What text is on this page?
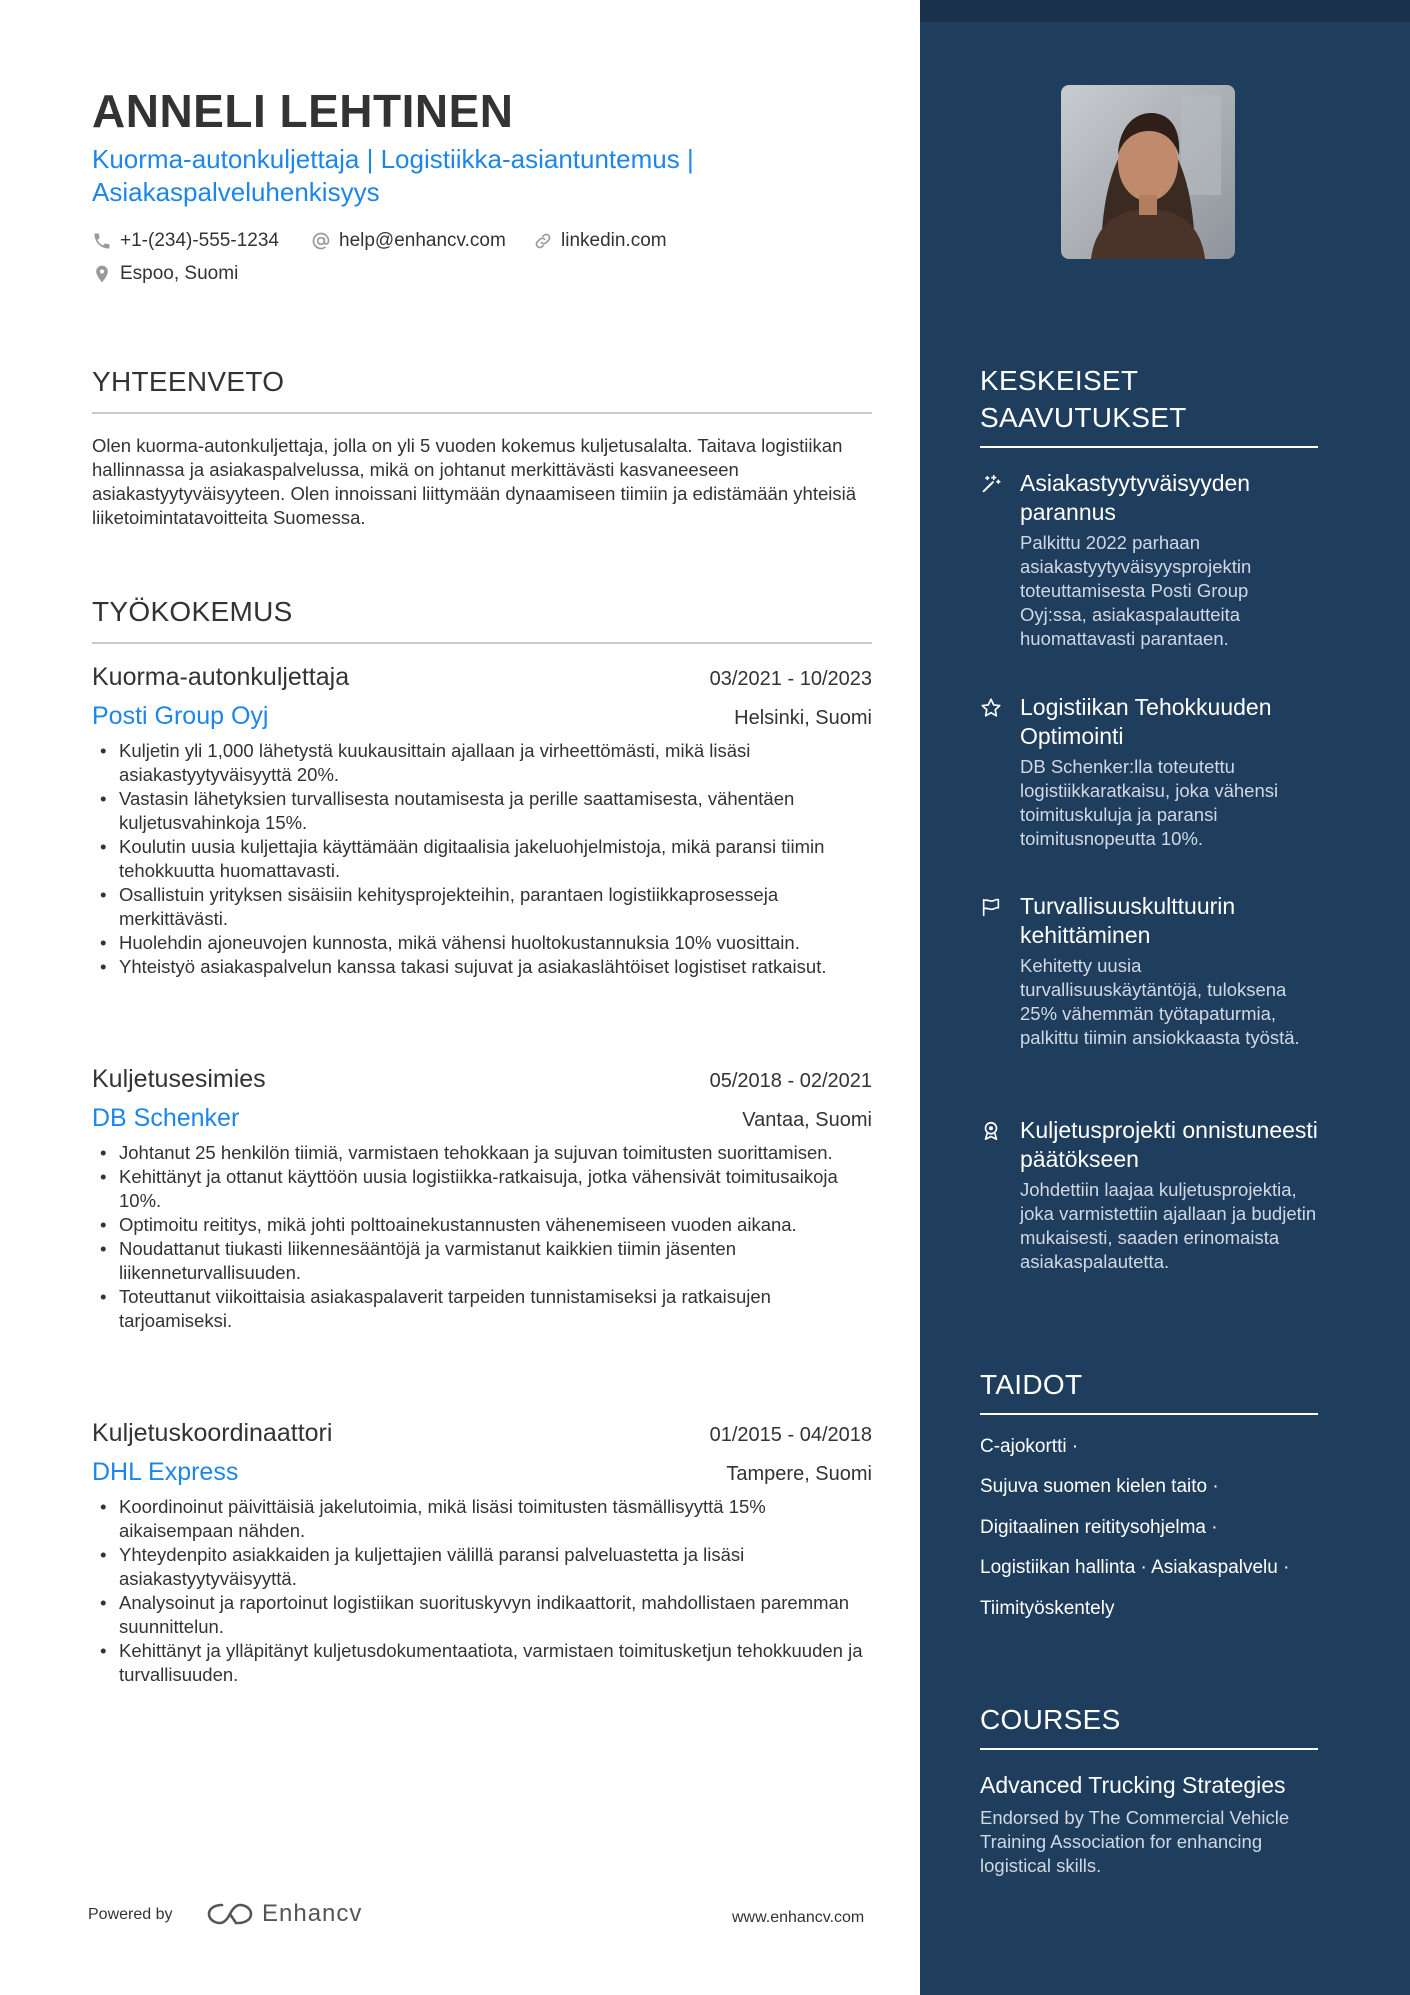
ANNELI LEHTINEN
Kuorma-autonkuljettaja | Logistiikka-asiantuntemus | Asiakaspalveluhenkisyys
+1-(234)-555-1234	help@enhancv.com	linkedin.com
Espoo, Suomi
YHTEENVETO
Olen kuorma-autonkuljettaja, jolla on yli 5 vuoden kokemus kuljetusalalta. Taitava logistiikan hallinnassa ja asiakaspalvelussa, mikä on johtanut merkittävästi kasvaneeseen asiakastyytyväisyyteen. Olen innoissani liittymään dynaamiseen tiimiin ja edistämään yhteisiä liiketoimintatavoitteita Suomessa.
TYÖKOKEMUS
Kuorma-autonkuljettaja	03/2021 - 10/2023
Posti Group Oyj	Helsinki, Suomi
• Kuljetin yli 1,000 lähetystä kuukausittain ajallaan ja virheettömästi, mikä lisäsi asiakastyytyväisyyttä 20%.
• Vastasin lähetyksien turvallisesta noutamisesta ja perille saattamisesta, vähentäen kuljetusvahinkoja 15%.
• Koulutin uusia kuljettajia käyttämään digitaalisia jakeluohjelmistoja, mikä paransi tiimin tehokkuutta huomattavasti.
• Osallistuin yrityksen sisäisiin kehitysprojekteihin, parantaen logistiikkaprosesseja merkittävästi.
• Huolehdin ajoneuvojen kunnosta, mikä vähensi huoltokustannuksia 10% vuosittain.
• Yhteistyö asiakaspalvelun kanssa takasi sujuvat ja asiakaslähtöiset logistiset ratkaisut.
Kuljetusesimies	05/2018 - 02/2021
DB Schenker	Vantaa, Suomi
• Johtanut 25 henkilön tiimiä, varmistaen tehokkaan ja sujuvan toimitusten suorittamisen.
• Kehittänyt ja ottanut käyttöön uusia logistiikka-ratkaisuja, jotka vähensivät toimitusaikoja 10%.
• Optimoitu reititys, mikä johti polttoainekustannusten vähenemiseen vuoden aikana.
• Noudattanut tiukasti liikennesääntöjä ja varmistanut kaikkien tiimin jäsenten liikenneturvallisuuden.
• Toteuttanut viikoittaisia asiakaspalaverit tarpeiden tunnistamiseksi ja ratkaisujen tarjoamiseksi.
Kuljetuskoordinaattori	01/2015 - 04/2018
DHL Express	Tampere, Suomi
• Koordinoinut päivittäisiä jakelutoimia, mikä lisäsi toimitusten täsmällisyyttä 15% aikaisempaan nähden.
• Yhteydenpito asiakkaiden ja kuljettajien välillä paransi palveluastetta ja lisäsi asiakastyytyväisyyttä.
• Analysoinut ja raportoinut logistiikan suorituskyvyn indikaattorit, mahdollistaen paremman suunnittelun.
• Kehittänyt ja ylläpitänyt kuljetusdokumentaatiota, varmistaen toimitusketjun tehokkuuden ja turvallisuuden.
Powered by	Enhancv	www.enhancv.com
KESKEISET SAAVUTUKSET
Asiakastyytyväisyyden parannus
Palkittu 2022 parhaan asiakastyytyväisyysprojektin toteuttamisesta Posti Group Oyj:ssa, asiakaspalautteita huomattavasti parantaen.
Logistiikan Tehokkuuden Optimointi
DB Schenker:lla toteutettu logistiikkaratkaisu, joka vähensi toimituskuluja ja paransi toimitusnopeutta 10%.
Turvallisuuskulttuurin kehittäminen
Kehitetty uusia turvallisuuskäytäntöjä, tuloksena 25% vähemmän työtapaturmia, palkittu tiimin ansiokkaasta työstä.
Kuljetusprojekti onnistuneesti päätökseen
Johdettiin laajaa kuljetusprojektia, joka varmistettiin ajallaan ja budjetin mukaisesti, saaden erinomaista asiakaspalautetta.
TAIDOT
C-ajokortti ·
Sujuva suomen kielen taito ·
Digitaalinen reititysohjelma ·
Logistiikan hallinta · Asiakaspalvelu ·
Tiimityöskentely
COURSES
Advanced Trucking Strategies
Endorsed by The Commercial Vehicle Training Association for enhancing logistical skills.
